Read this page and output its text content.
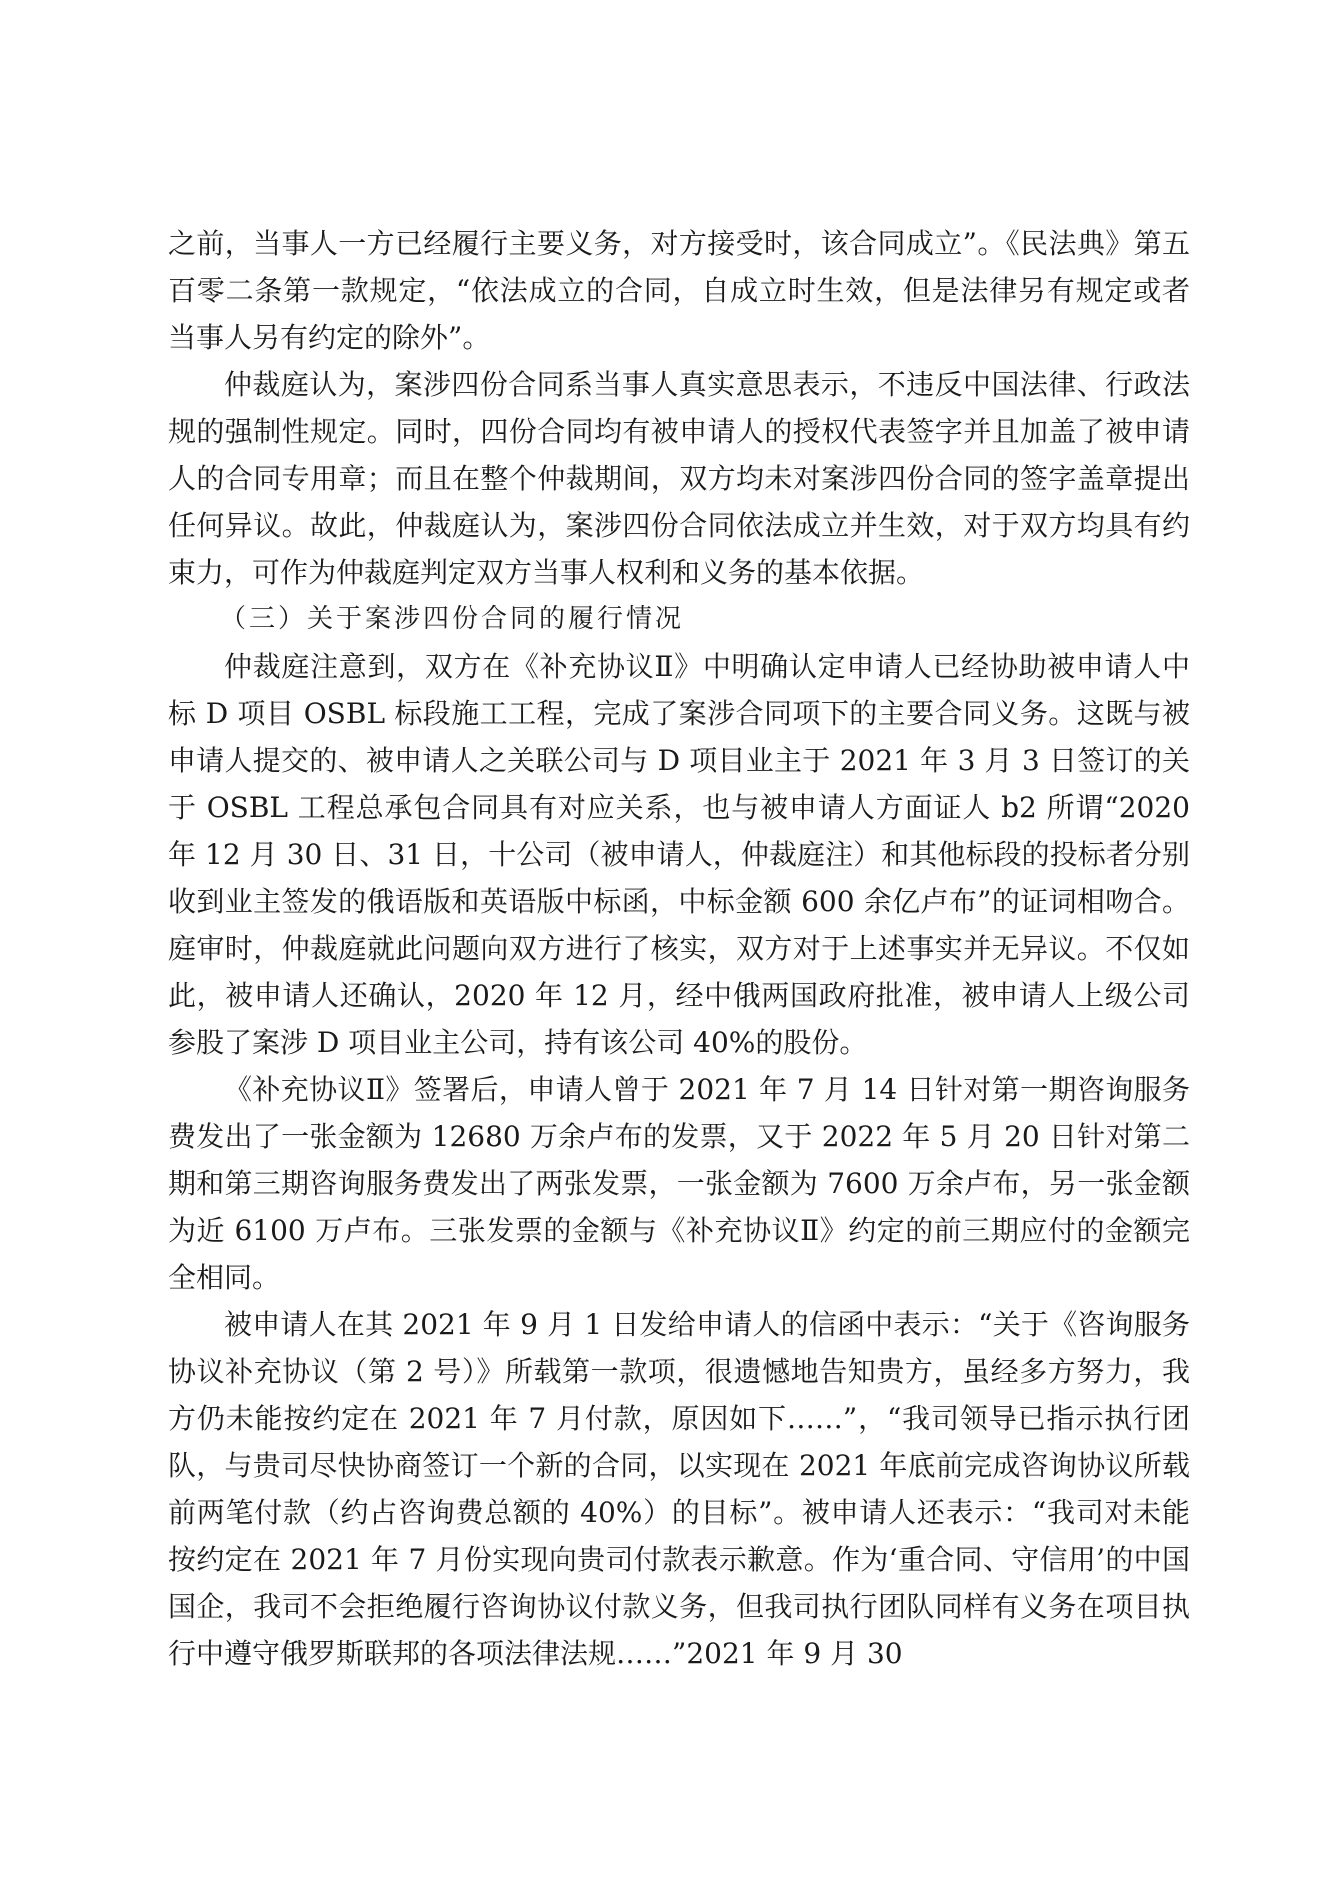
之前，当事人一方已经履行主要义务，对方接受时，该合同成立”。《民法典》第五百零二条第一款规定，“依法成立的合同，自成立时生效，但是法律另有规定或者当事人另有约定的除外”。

仲裁庭认为，案涉四份合同系当事人真实意思表示，不违反中国法律、行政法规的强制性规定。同时，四份合同均有被申请人的授权代表签字并且加盖了被申请人的合同专用章；而且在整个仲裁期间，双方均未对案涉四份合同的签字盖章提出任何异议。故此，仲裁庭认为，案涉四份合同依法成立并生效，对于双方均具有约束力，可作为仲裁庭判定双方当事人权利和义务的基本依据。

（三）关于案涉四份合同的履行情况

仲裁庭注意到，双方在《补充协议Ⅱ》中明确认定申请人已经协助被申请人中标 D 项目 OSBL 标段施工工程，完成了案涉合同项下的主要合同义务。这既与被申请人提交的、被申请人之关联公司与 D 项目业主于 2021 年 3 月 3 日签订的关于 OSBL 工程总承包合同具有对应关系，也与被申请人方面证人 b2 所谓“2020 年 12 月 30 日、31 日，十公司（被申请人，仲裁庭注）和其他标段的投标者分别收到业主签发的俄语版和英语版中标函，中标金额 600 余亿卢布”的证词相吻合。庭审时，仲裁庭就此问题向双方进行了核实，双方对于上述事实并无异议。不仅如此，被申请人还确认，2020 年 12 月，经中俄两国政府批准，被申请人上级公司参股了案涉 D 项目业主公司，持有该公司 40%的股份。

《补充协议Ⅱ》签署后，申请人曾于 2021 年 7 月 14 日针对第一期咨询服务费发出了一张金额为 12680 万余卢布的发票，又于 2022 年 5 月 20 日针对第二期和第三期咨询服务费发出了两张发票，一张金额为 7600 万余卢布，另一张金额为近 6100 万卢布。三张发票的金额与《补充协议Ⅱ》约定的前三期应付的金额完全相同。

被申请人在其 2021 年 9 月 1 日发给申请人的信函中表示：“关于《咨询服务协议补充协议（第 2 号）》所载第一款项，很遗憾地告知贵方，虽经多方努力，我方仍未能按约定在 2021 年 7 月付款，原因如下……”，“我司领导已指示执行团队，与贵司尽快协商签订一个新的合同，以实现在 2021 年底前完成咨询协议所载前两笔付款（约占咨询费总额的 40%）的目标”。被申请人还表示：“我司对未能按约定在 2021 年 7 月份实现向贵司付款表示歉意。作为‘重合同、守信用’的中国国企，我司不会拒绝履行咨询协议付款义务，但我司执行团队同样有义务在项目执行中遵守俄罗斯联邦的各项法律法规……”2021 年 9 月 30
